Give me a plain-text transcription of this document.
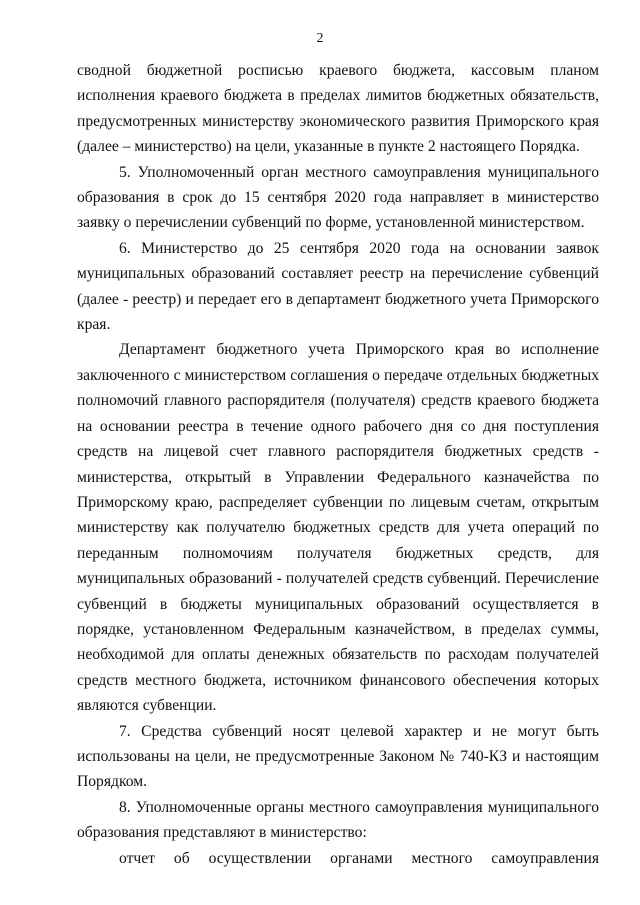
2

сводной бюджетной росписью краевого бюджета, кассовым планом исполнения краевого бюджета в пределах лимитов бюджетных обязательств, предусмотренных министерству экономического развития Приморского края (далее – министерство) на цели, указанные в пункте 2 настоящего Порядка.

5. Уполномоченный орган местного самоуправления муниципального образования в срок до 15 сентября 2020 года направляет в министерство заявку о перечислении субвенций по форме, установленной министерством.

6. Министерство до 25 сентября 2020 года на основании заявок муниципальных образований составляет реестр на перечисление субвенций (далее - реестр) и передает его в департамент бюджетного учета Приморского края.

Департамент бюджетного учета Приморского края во исполнение заключенного с министерством соглашения о передаче отдельных бюджетных полномочий главного распорядителя (получателя) средств краевого бюджета на основании реестра в течение одного рабочего дня со дня поступления средств на лицевой счет главного распорядителя бюджетных средств - министерства, открытый в Управлении Федерального казначейства по Приморскому краю, распределяет субвенции по лицевым счетам, открытым министерству как получателю бюджетных средств для учета операций по переданным полномочиям получателя бюджетных средств, для муниципальных образований - получателей средств субвенций. Перечисление субвенций в бюджеты муниципальных образований осуществляется в порядке, установленном Федеральным казначейством, в пределах суммы, необходимой для оплаты денежных обязательств по расходам получателей средств местного бюджета, источником финансового обеспечения которых являются субвенции.

7. Средства субвенций носят целевой характер и не могут быть использованы на цели, не предусмотренные Законом № 740-КЗ и настоящим Порядком.

8. Уполномоченные органы местного самоуправления муниципального образования представляют в министерство:

отчет об осуществлении органами местного самоуправления
